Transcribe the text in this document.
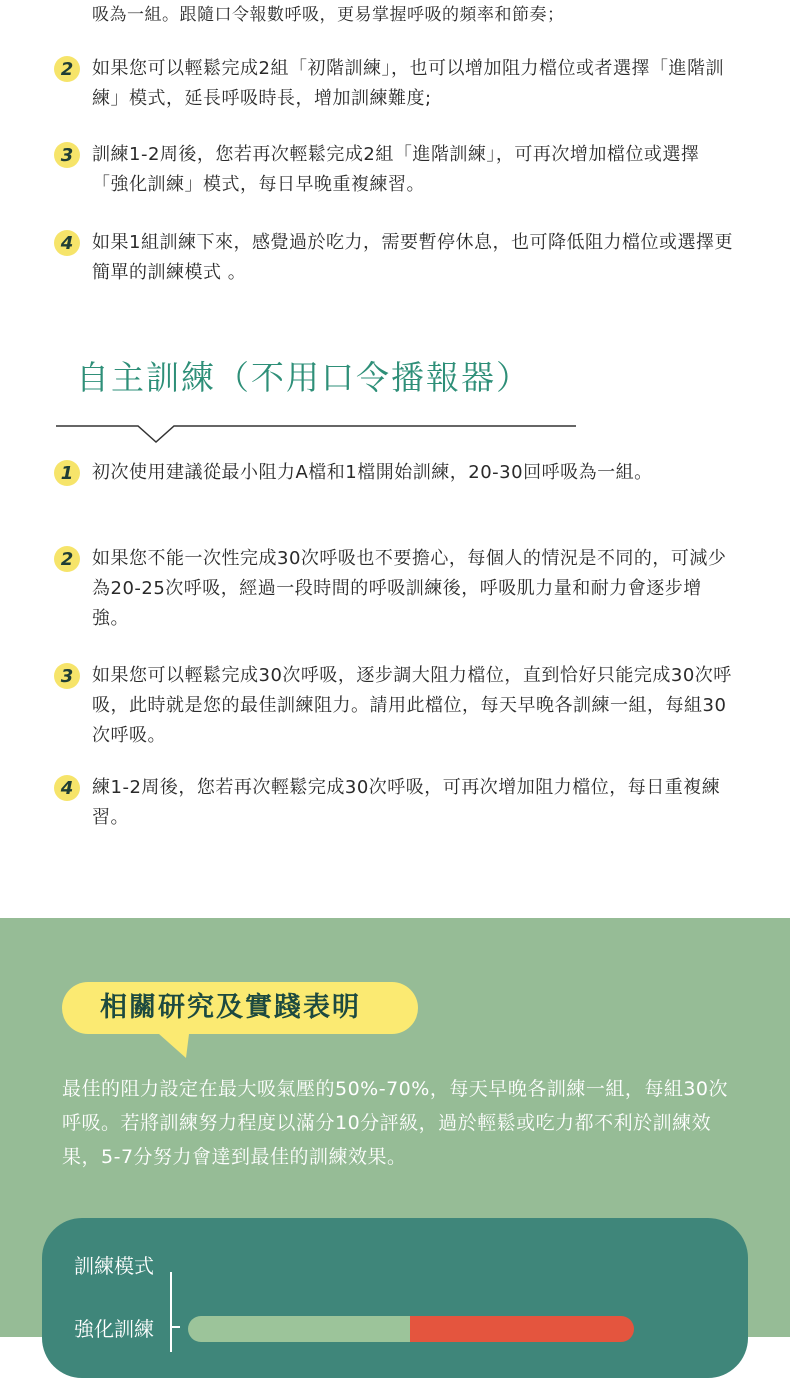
吸為一組。跟隨口令報數呼吸，更易掌握呼吸的頻率和節奏；
2	如果您可以輕鬆完成2組「初階訓練」，也可以增加阻力檔位或者選擇「進階訓練」模式，延長呼吸時長，增加訓練難度;
3	訓練1-2周後，您若再次輕鬆完成2組「進階訓練」，可再次增加檔位或選擇「強化訓練」模式，每日早晚重複練習。
4	如果1組訓練下來，感覺過於吃力，需要暫停休息，也可降低阻力檔位或選擇更簡單的訓練模式 。
自主訓練（不用口令播報器）
1	初次使用建議從最小阻力A檔和1檔開始訓練，20-30回呼吸為一組。
2	如果您不能一次性完成30次呼吸也不要擔心，每個人的情況是不同的，可減少為20-25次呼吸，經過一段時間的呼吸訓練後，呼吸肌力量和耐力會逐步增強。
3	如果您可以輕鬆完成30次呼吸，逐步調大阻力檔位，直到恰好只能完成30次呼吸，此時就是您的最佳訓練阻力。請用此檔位，每天早晚各訓練一組，每組30次呼吸。
4	練1-2周後，您若再次輕鬆完成30次呼吸，可再次增加阻力檔位，每日重複練習。
相關研究及實踐表明
最佳的阻力設定在最大吸氣壓的50%-70%，每天早晚各訓練一組，每組30次呼吸。若將訓練努力程度以滿分10分評級，過於輕鬆或吃力都不利於訓練效果，5-7分努力會達到最佳的訓練效果。
訓練模式
強化訓練
